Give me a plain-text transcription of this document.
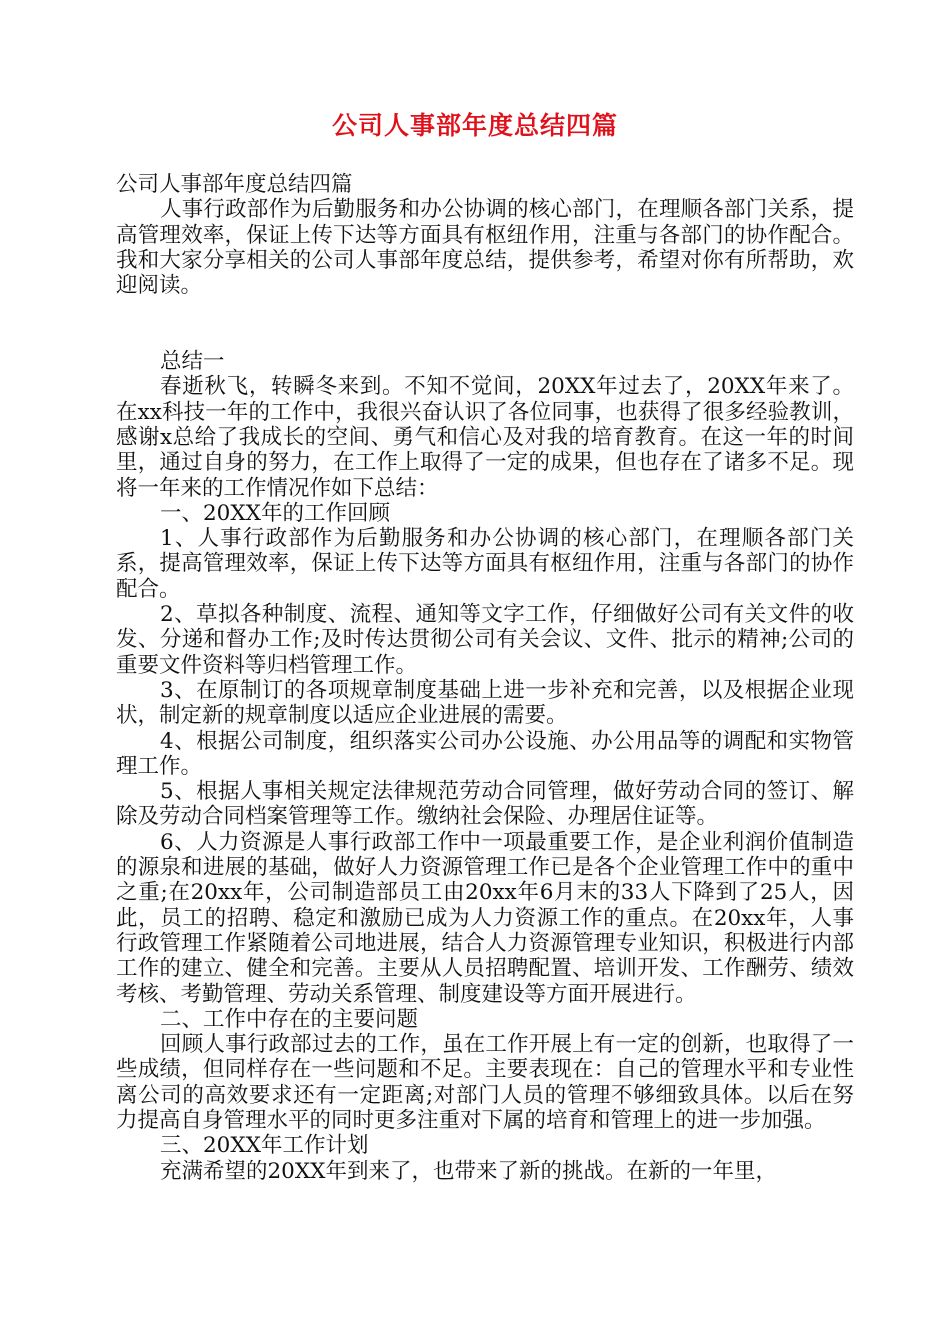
公司人事部年度总结四篇

公司人事部年度总结四篇

人事行政部作为后勤服务和办公协调的核心部门，在理顺各部门关系，提高管理效率，保证上传下达等方面具有枢纽作用，注重与各部门的协作配合。我和大家分享相关的公司人事部年度总结，提供参考，希望对你有所帮助，欢迎阅读。

总结一

春逝秋飞，转瞬冬来到。不知不觉间，20XX年过去了，20XX年来了。在xx科技一年的工作中，我很兴奋认识了各位同事，也获得了很多经验教训，感谢x总给了我成长的空间、勇气和信心及对我的培育教育。在这一年的时间里，通过自身的努力，在工作上取得了一定的成果，但也存在了诸多不足。现将一年来的工作情况作如下总结：

一、20XX年的工作回顾

1、人事行政部作为后勤服务和办公协调的核心部门，在理顺各部门关系，提高管理效率，保证上传下达等方面具有枢纽作用，注重与各部门的协作配合。

2、草拟各种制度、流程、通知等文字工作，仔细做好公司有关文件的收发、分递和督办工作;及时传达贯彻公司有关会议、文件、批示的精神;公司的重要文件资料等归档管理工作。

3、在原制订的各项规章制度基础上进一步补充和完善，以及根据企业现状，制定新的规章制度以适应企业进展的需要。

4、根据公司制度，组织落实公司办公设施、办公用品等的调配和实物管理工作。

5、根据人事相关规定法律规范劳动合同管理，做好劳动合同的签订、解除及劳动合同档案管理等工作。缴纳社会保险、办理居住证等。

6、人力资源是人事行政部工作中一项最重要工作，是企业利润价值制造的源泉和进展的基础，做好人力资源管理工作已是各个企业管理工作中的重中之重;在20xx年，公司制造部员工由20xx年6月末的33人下降到了25人，因此，员工的招聘、稳定和激励已成为人力资源工作的重点。在20xx年，人事行政管理工作紧随着公司地进展，结合人力资源管理专业知识，积极进行内部工作的建立、健全和完善。主要从人员招聘配置、培训开发、工作酬劳、绩效考核、考勤管理、劳动关系管理、制度建设等方面开展进行。

二、工作中存在的主要问题

回顾人事行政部过去的工作，虽在工作开展上有一定的创新，也取得了一些成绩，但同样存在一些问题和不足。主要表现在：自己的管理水平和专业性离公司的高效要求还有一定距离;对部门人员的管理不够细致具体。以后在努力提高自身管理水平的同时更多注重对下属的培育和管理上的进一步加强。

三、20XX年工作计划

充满希望的20XX年到来了，也带来了新的挑战。在新的一年里，
